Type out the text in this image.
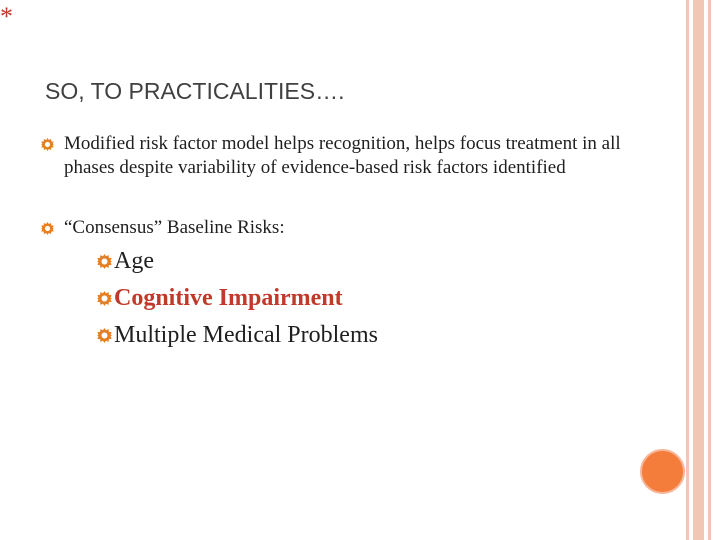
*
SO, TO PRACTICALITIES….
Modified risk factor model helps recognition, helps focus treatment in all phases despite variability of evidence-based risk factors identified
“Consensus” Baseline Risks:
Age
Cognitive Impairment
Multiple Medical Problems
